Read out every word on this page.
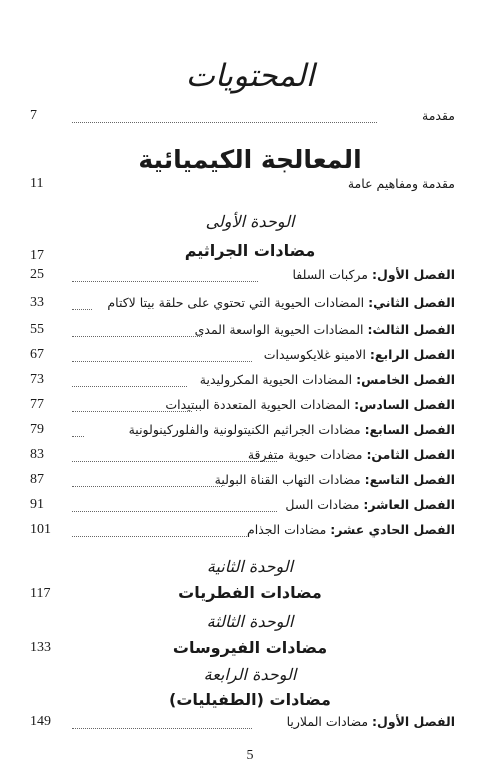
المحتويات
7	مقدمة
المعالجة الكيميائية
11	مقدمة ومفاهيم عامة
الوحدة الأولى
مضادات الجراثيم
17
25	الفصل الأول: مركبات السلفا
33	الفصل الثاني: المضادات الحيوية التي تحتوي على حلقة بيتا لاكتام
55	الفصل الثالث: المضادات الحيوية الواسعة المدى
67	الفصل الرابع: الامينو غلايكوسيدات
73	الفصل الخامس: المضادات الحيوية المكروليدية
77	الفصل السادس: المضادات الحيوية المتعددة الببتيدات
79	الفصل السابع: مضادات الجراثيم الكنيتولونية والفلوركينولونية
83	الفصل الثامن: مضادات حيوية متفرقة
87	الفصل التاسع: مضادات التهاب القناة البولية
91	الفصل العاشر: مضادات السل
101	الفصل الحادي عشر: مضادات الجذام
الوحدة الثانية
مضادات الفطريات
117
الوحدة الثالثة
مضادات الفيروسات
133
الوحدة الرابعة
مضادات (الطفيليات)
149	الفصل الأول: مضادات الملاريا
5
